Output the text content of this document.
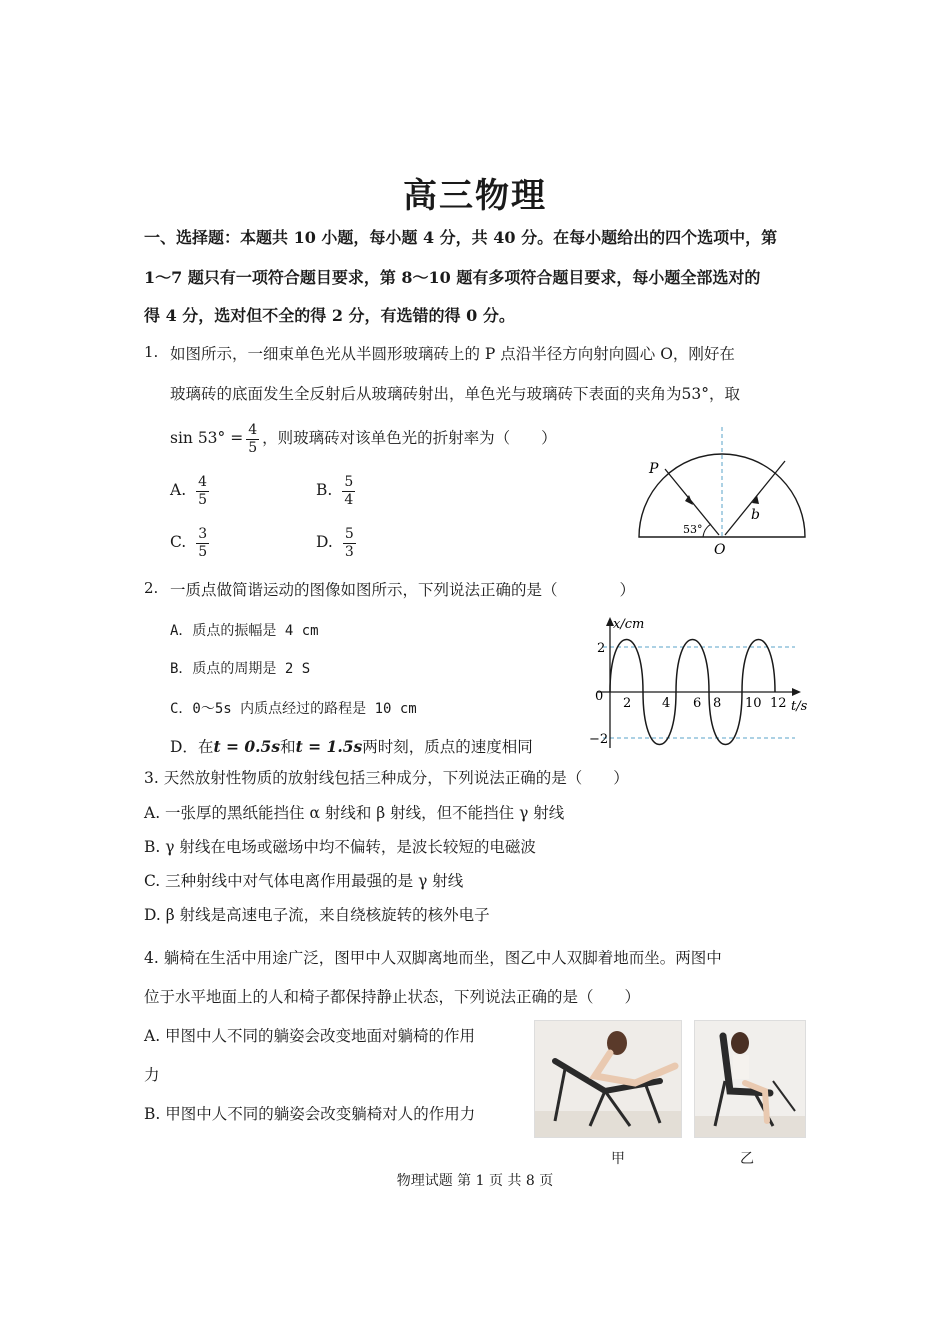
高三物理
一、选择题：本题共 10 小题，每小题 4 分，共 40 分。在每小题给出的四个选项中，第
1～7 题只有一项符合题目要求，第 8～10 题有多项符合题目要求，每小题全部选对的
得 4 分，选对但不全的得 2 分，有选错的得 0 分。
1. 如图所示，一细束单色光从半圆形玻璃砖上的 P 点沿半径方向射向圆心 O，刚好在
玻璃砖的底面发生全反射后从玻璃砖射出，单色光与玻璃砖下表面的夹角为53°，取
$\sin 53^\circ = \frac{4}{5}$ ，则玻璃砖对该单色光的折射率为（　　）
A. $\frac{4}{5}$	B. $\frac{5}{4}$
C. $\frac{3}{5}$	D. $\frac{5}{3}$
P
O
b
53°
2. 一质点做简谐运动的图像如图所示，下列说法正确的是（　　　　）
A．质点的振幅是 4 cm
B．质点的周期是 2 S
C．0～5s 内质点经过的路程是 10 cm
D．在t = 0.5s和t = 1.5s两时刻，质点的速度相同
x/cm
t/s
0
2
−2
2 4 6 8 10 12
3. 天然放射性物质的放射线包括三种成分，下列说法正确的是（　　）
A. 一张厚的黑纸能挡住 α 射线和 β 射线，但不能挡住 γ 射线
B. γ 射线在电场或磁场中均不偏转，是波长较短的电磁波
C. 三种射线中对气体电离作用最强的是 γ 射线
D. β 射线是高速电子流，来自绕核旋转的核外电子
4. 躺椅在生活中用途广泛，图甲中人双脚离地而坐，图乙中人双脚着地而坐。两图中
位于水平地面上的人和椅子都保持静止状态，下列说法正确的是（　　）
A. 甲图中人不同的躺姿会改变地面对躺椅的作用
力
B. 甲图中人不同的躺姿会改变躺椅对人的作用力
甲	乙
物理试题 第 1 页 共 8 页
